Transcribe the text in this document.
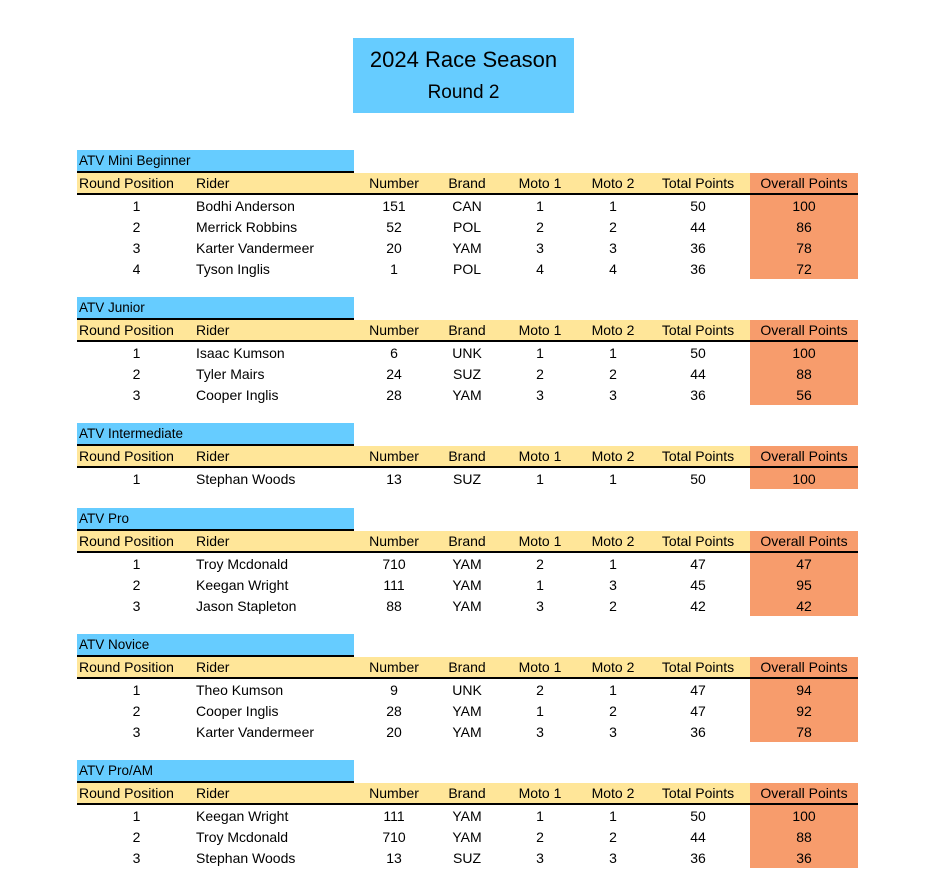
2024 Race Season
Round 2
ATV Mini Beginner
Round Position	Rider	Number	Brand	Moto 1	Moto 2	Total Points	Overall Points
1	Bodhi Anderson	151	CAN	1	1	50	100
2	Merrick Robbins	52	POL	2	2	44	86
3	Karter Vandermeer	20	YAM	3	3	36	78
4	Tyson Inglis	1	POL	4	4	36	72
ATV Junior
Round Position	Rider	Number	Brand	Moto 1	Moto 2	Total Points	Overall Points
1	Isaac Kumson	6	UNK	1	1	50	100
2	Tyler Mairs	24	SUZ	2	2	44	88
3	Cooper Inglis	28	YAM	3	3	36	56
ATV Intermediate
Round Position	Rider	Number	Brand	Moto 1	Moto 2	Total Points	Overall Points
1	Stephan Woods	13	SUZ	1	1	50	100
ATV Pro
Round Position	Rider	Number	Brand	Moto 1	Moto 2	Total Points	Overall Points
1	Troy Mcdonald	710	YAM	2	1	47	47
2	Keegan Wright	111	YAM	1	3	45	95
3	Jason Stapleton	88	YAM	3	2	42	42
ATV Novice
Round Position	Rider	Number	Brand	Moto 1	Moto 2	Total Points	Overall Points
1	Theo Kumson	9	UNK	2	1	47	94
2	Cooper Inglis	28	YAM	1	2	47	92
3	Karter Vandermeer	20	YAM	3	3	36	78
ATV Pro/AM
Round Position	Rider	Number	Brand	Moto 1	Moto 2	Total Points	Overall Points
1	Keegan Wright	111	YAM	1	1	50	100
2	Troy Mcdonald	710	YAM	2	2	44	88
3	Stephan Woods	13	SUZ	3	3	36	36
